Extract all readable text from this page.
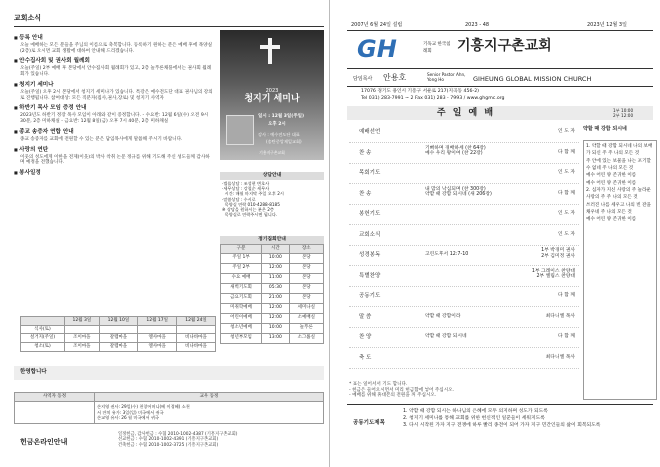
교회소식
■ 등록 안내
오늘 예배하는 모든 분들을 주님의 이름으로 축복합니다. 등록하기 원하는 분은 예배 후에 목양실(2층)로 오시면 교회 생활에 대하여 안내해 드리겠습니다.
■ 안수집사회 및 권사회 월례회
오늘(주일) 2부 예배 후 본당에서 안수집사회 월례회가 있고, 2층 놀푸른채플에서는 권사회 월례회가 있습니다.
■ 청지기 세미나
오늘(주일) 오후 2시 본당에서 청지기 세미나가 있습니다. 특강은 예수전도단 대표 권사님의 강의로 진행됩니다. 참여대상: 모든 직분자(집사,권사,장로) 및 청지기 사역자
■ 하반기 목사 모임 증정 안내
2023년도 하반기 정장 목사 모임이 아래와 같이 증정합니다. - 수요반: 12월 6일(수) 오전 9시 30분, 2층 미하채실 - 금요반: 12월 8일(금) 오후 7시 40분, 2층 미하채실
■ 종교 송증자 연합 안내
종교 송증자를 교회에 전원할 수 있는 분은 담임목사에게 말씀해 주시기 바랍니다.
■ 사랑의 연탄
이웃의 성도에게 이한을 전제(이웃)의 박사 착취 논문 정규를 위해 기도해 주신 성도들께 감사하며 예정을 전했습니다.
■ 봉사일정
	12월 3일	12월 10일	12월 17일	12월 24일
식사(토)				
설거지(주일)	조이마을	갈렙마을	엘사마을	비나바마을
청소(토)	조이마을	갈렙마을	엘사마을	비나바마을
한영합니다
사역자 동정	교우 동정
	손지영 권사: 29일(수) 천창어머니(베 이경혜) 소천
서 잔치 유가: 3일(일) 미국에서 귀국
손교영 유사: 26 월 미국에서 귀국
헌금온라인안내
일정헌금, 감사헌금 : 수협 2010-1002-4387 (기흥지구촌교회)
선교헌금 : 수협 2010-1002-4391 (기흥지구촌교회)
건축헌금 : 수협 2010-1002-3725 (기흥지구촌교회)
2023
청지기 세미나
일시 : 12월 3일(주일)
오후 2시
강사 : 예수전도단 대표
(송탄중앙제일교회)
기흥지구촌교회
상담안내
·법률상담 : 조성현 변호사
·세무상담 : 강철순 세무사
시간: 매월 마지막 주일 오후 2시
·말씀상담 : 수시로
목양실 연락 010-4288-8185
※ 상담을 원하시는 분은 2층
목양실로 연락주시면 됩니다.
정기집회안내
구분	시간	장소
주일 1부	10:00	본당
주일 2부	12:00	본당
수요 예배	11:00	본당
새벽기도회	05:30	본당
금요기도회	21:00	본당
미취학예배	12:00	세미나실
어린이예배	12:00	소예배실
청소년예배	10:00	놀푸른
청년부모임	13:00	소그룹실
2007년 6월 24일 설립	2023 - 48	2023년 12월 3일
GH	기독교 한국침례회	기흥지구촌교회
담임목사 안용호	Senior Pastor Ahn, Yong Ho	GIHEUNG GLOBAL MISSION CHURCH
17076 경기도 용인시 기흥구 서운로 217(지곡동 456-2)
Tel 031) 283-7991 ~ 2 Fax 031) 283 - 7993 / www.ghgmc.org
주 일 예 배	1부 10:00
2부 12:00
예배선언	인 도 자
찬 송
기뻐하며 경배하세 (찬 64장)
예수 우리 왕이여 (찬 22장)	다 함 께
목회기도	인 도 자
찬 송
내 맘의 낙심되며 (찬 300장)
약할 때 강함 되시네 (새 206장)	다 함 께
봉헌기도	인 도 자
교회소식	인 도 자
성경봉독	고린도후서 12:7-10
1부 박경미 권사
2부 김미정 권사
특별찬양
1부 그레이스 찬양대
2부 엘림스 찬양대
공동기도	다 함 께
말 씀	약할 때 강함이라	최다니엘 목사
찬 양	약할 때 강함 되시네	다 함 께
축 도	최다니엘 목사
약할 때 강함 되시네
1. 약할 때 강함 되시네 나의 보배가 되신 주 주 나의 모든 것
주 안에 있는 보물을 나는 포기할 수 없네 주 나의 모든 것
예수 어린 양 존귀한 이름
예수 어린 양 존귀한 이름
2. 십자가 지신 사랑의 주 놀라운 사랑의 주 주 나의 모든 것
쓰러진 나를 세우고 나의 빈 잔을 채우네 주 나의 모든 것
예수 어린 양 존귀한 이름
* 표는 일어서서 기도 합니다.
- 헌금은 들어오시면서 미리 헌금함에 넣어 주십시오.
- 예배를 위해 휴대폰의 전원을 꺼 주십시오.
공동기도제목
1. 약할 때 강함 되시는 하나님의 은혜에 모두 의지하며 성도가 되도록
2. 청지기 세미나를 통해 교회를 위한 헌신적인 일꾼들이 세워지도록
3. 다시 시작된 가자 지구 전쟁에 하루 빨리 종전이 되어 가자 지구 민간인들의 삶이 회복되도록
